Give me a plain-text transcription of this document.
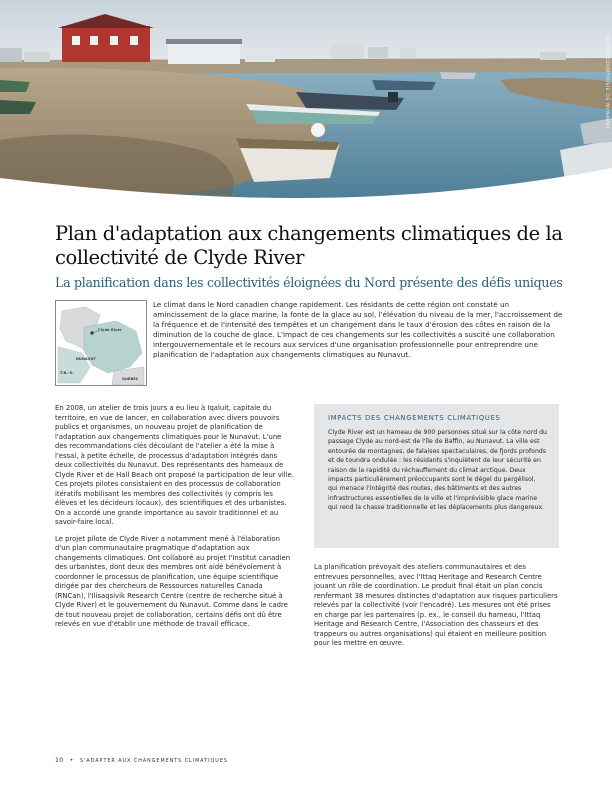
PHOTO COURTOISIE DE NUNAVUT
Plan d'adaptation aux changements climatiques de la collectivité de Clyde River
La planification dans les collectivités éloignées du Nord présente des défis uniques
Clyde River
NUNAVUT
T.N.-O.
QUÉBEC

Le climat dans le Nord canadien change rapidement. Les résidants de cette région ont constaté un amincissement de la glace marine, la fonte de la glace au sol, l'élévation du niveau de la mer, l'accroissement de la fréquence et de l'intensité des tempêtes et un changement dans le taux d'érosion des côtes en raison de la diminution de la couche de glace. L'impact de ces changements sur les collectivités a suscité une collaboration intergouvernementale et le recours aux services d'une organisation professionnelle pour entreprendre une planification de l'adaptation aux changements climatiques au Nunavut.

En 2008, un atelier de trois jours a eu lieu à Iqaluit, capitale du territoire, en vue de lancer, en collaboration avec divers pouvoirs publics et organismes, un nouveau projet de planification de l'adaptation aux changements climatiques pour le Nunavut. L'une des recommandations clés découlant de l'atelier a été la mise à l'essai, à petite échelle, de processus d'adaptation intégrés dans deux collectivités du Nunavut. Des représentants des hameaux de Clyde River et de Hall Beach ont proposé la participation de leur ville. Ces projets pilotes consistaient en des processus de collaboration itératifs mobilisant les membres des collectivités (y compris les élèves et les décideurs locaux), des scientifiques et des urbanistes. On a accordé une grande importance au savoir traditionnel et au savoir-faire local.

Le projet pilote de Clyde River a notamment mené à l'élaboration d'un plan communautaire pragmatique d'adaptation aux changements climatiques. Ont collaboré au projet l'Institut canadien des urbanistes, dont deux des membres ont aidé bénévolement à coordonner le processus de planification, une équipe scientifique dirigée par des chercheurs de Ressources naturelles Canada (RNCan), l'Ilisaqsivik Research Centre (centre de recherche situé à Clyde River) et le gouvernement du Nunavut. Comme dans le cadre de tout nouveau projet de collaboration, certains défis ont dû être relevés en vue d'établir une méthode de travail efficace.

IMPACTS DES CHANGEMENTS CLIMATIQUES

Clyde River est un hameau de 900 personnes situé sur la côte nord du passage Clyde au nord-est de l'île de Baffin, au Nunavut. La ville est entourée de montagnes, de falaises spectaculaires, de fjords profonds et de toundra ondulée : les résidants s'inquiètent de leur sécurité en raison de la rapidité du réchauffement du climat arctique. Deux impacts particulièrement préoccupants sont le dégel du pergélisol, qui menace l'intégrité des routes, des bâtiments et des autres infrastructures essentielles de la ville et l'imprévisible glace marine qui rend la chasse traditionnelle et les déplacements plus dangereux.

La planification prévoyait des ateliers communautaires et des entrevues personnelles, avec l'Ittaq Heritage and Research Centre jouant un rôle de coordination. Le produit final était un plan concis renfermant 38 mesures distinctes d'adaptation aux risques particuliers relevés par la collectivité (voir l'encadré). Les mesures ont été prises en charge par les partenaires (p. ex., le conseil du hameau, l'Ittaq Heritage and Research Centre, l'Association des chasseurs et des trappeurs ou autres organisations) qui étaient en meilleure position pour les mettre en œuvre.

10 • S'ADAPTER AUX CHANGEMENTS CLIMATIQUES
